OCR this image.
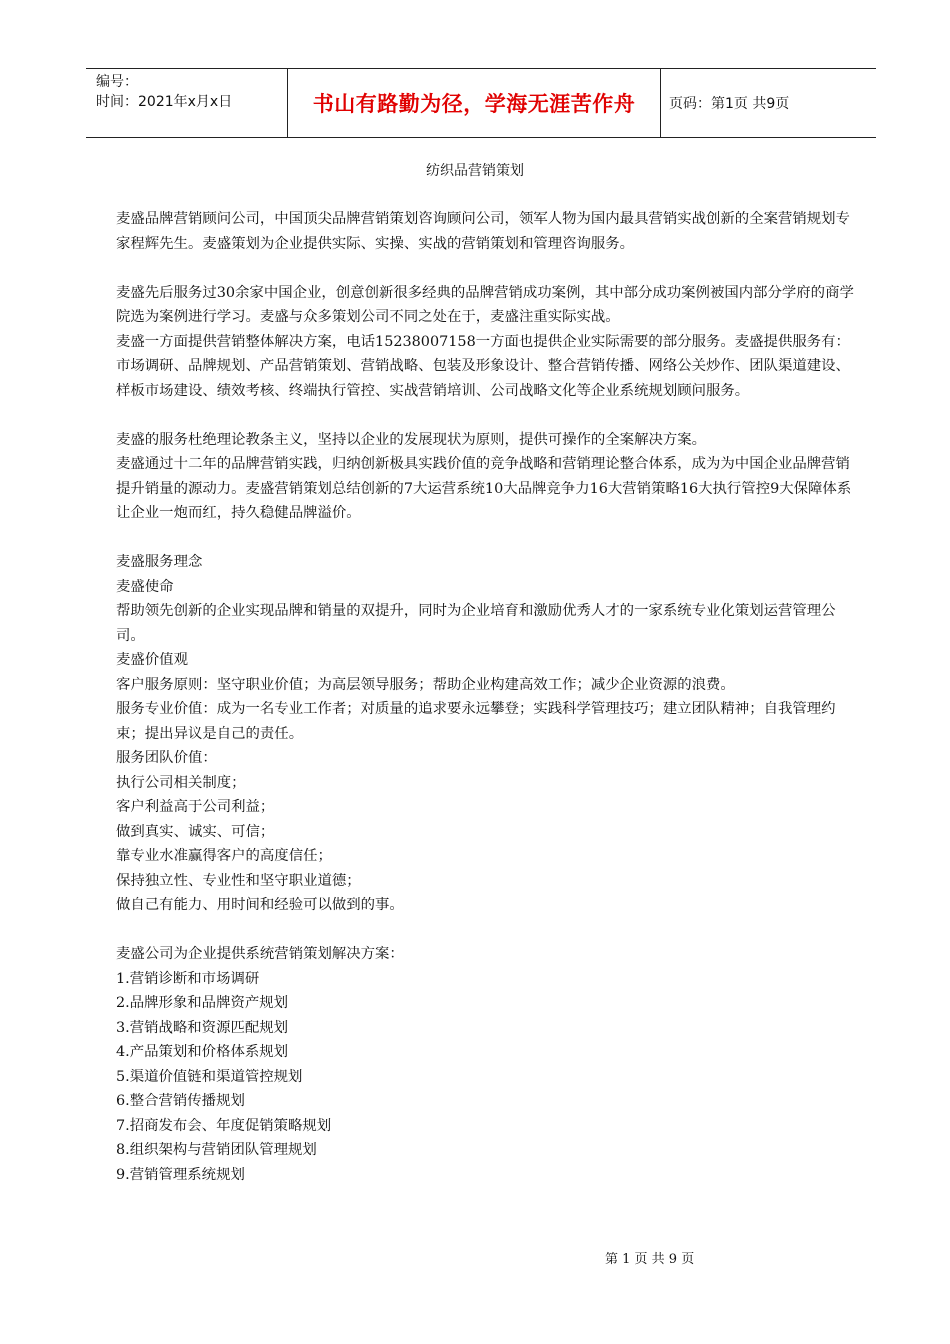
编号：
时间：2021年x月x日	书山有路勤为径，学海无涯苦作舟	页码：第1页 共9页
纺织品营销策划

麦盛品牌营销顾问公司，中国顶尖品牌营销策划咨询顾问公司，领军人物为国内最具营销实战创新的全案营销规划专家程辉先生。麦盛策划为企业提供实际、实操、实战的营销策划和管理咨询服务。

麦盛先后服务过30余家中国企业，创意创新很多经典的品牌营销成功案例，其中部分成功案例被国内部分学府的商学院选为案例进行学习。麦盛与众多策划公司不同之处在于，麦盛注重实际实战。

麦盛一方面提供营销整体解决方案，电话15238007158一方面也提供企业实际需要的部分服务。麦盛提供服务有：市场调研、品牌规划、产品营销策划、营销战略、包装及形象设计、整合营销传播、网络公关炒作、团队渠道建设、样板市场建设、绩效考核、终端执行管控、实战营销培训、公司战略文化等企业系统规划顾问服务。

麦盛的服务杜绝理论教条主义，坚持以企业的发展现状为原则，提供可操作的全案解决方案。

麦盛通过十二年的品牌营销实践，归纳创新极具实践价值的竞争战略和营销理论整合体系，成为为中国企业品牌营销提升销量的源动力。麦盛营销策划总结创新的7大运营系统10大品牌竞争力16大营销策略16大执行管控9大保障体系让企业一炮而红，持久稳健品牌溢价。

麦盛服务理念

麦盛使命

帮助领先创新的企业实现品牌和销量的双提升，同时为企业培育和激励优秀人才的一家系统专业化策划运营管理公司。

麦盛价值观

客户服务原则：坚守职业价值；为高层领导服务；帮助企业构建高效工作；减少企业资源的浪费。

服务专业价值：成为一名专业工作者；对质量的追求要永远攀登；实践科学管理技巧；建立团队精神；自我管理约束；提出异议是自己的责任。

服务团队价值：

执行公司相关制度；

客户利益高于公司利益；

做到真实、诚实、可信；

靠专业水准赢得客户的高度信任；

保持独立性、专业性和坚守职业道德；

做自己有能力、用时间和经验可以做到的事。

麦盛公司为企业提供系统营销策划解决方案：

1.营销诊断和市场调研

2.品牌形象和品牌资产规划

3.营销战略和资源匹配规划

4.产品策划和价格体系规划

5.渠道价值链和渠道管控规划

6.整合营销传播规划

7.招商发布会、年度促销策略规划

8.组织架构与营销团队管理规划

9.营销管理系统规划

第 1 页 共 9 页
